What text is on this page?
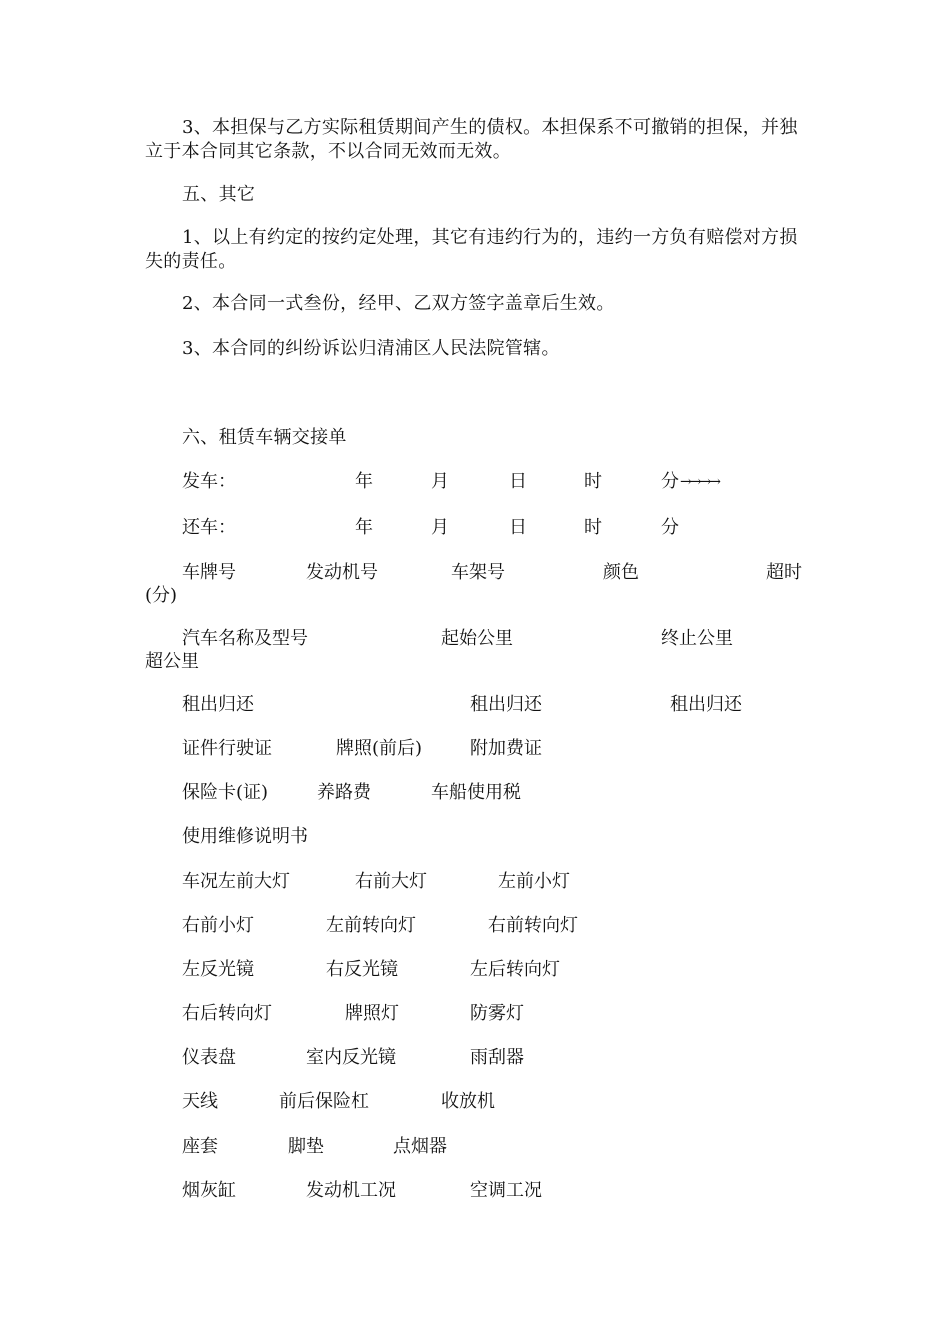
3、本担保与乙方实际租赁期间产生的债权。本担保系不可撤销的担保，并独立于本合同其它条款，不以合同无效而无效。

五、其它

1、以上有约定的按约定处理，其它有违约行为的，违约一方负有赔偿对方损失的责任。

2、本合同一式叁份，经甲、乙双方签字盖章后生效。

3、本合同的纠纷诉讼归清浦区人民法院管辖。

六、租赁车辆交接单

发车：	年	月	日	时	分 →→→→
还车：	年	月	日	时	分
车牌号	发动机号	车架号	颜色	超时
(分)
汽车名称及型号	起始公里	终止公里
超公里
租出归还	租出归还	租出归还
证件行驶证	牌照(前后)	附加费证
保险卡(证)	养路费	车船使用税
使用维修说明书
车况左前大灯	右前大灯	左前小灯
右前小灯	左前转向灯	右前转向灯
左反光镜	右反光镜	左后转向灯
右后转向灯	牌照灯	防雾灯
仪表盘	室内反光镜	雨刮器
天线	前后保险杠	收放机
座套	脚垫	点烟器
烟灰缸	发动机工况	空调工况
